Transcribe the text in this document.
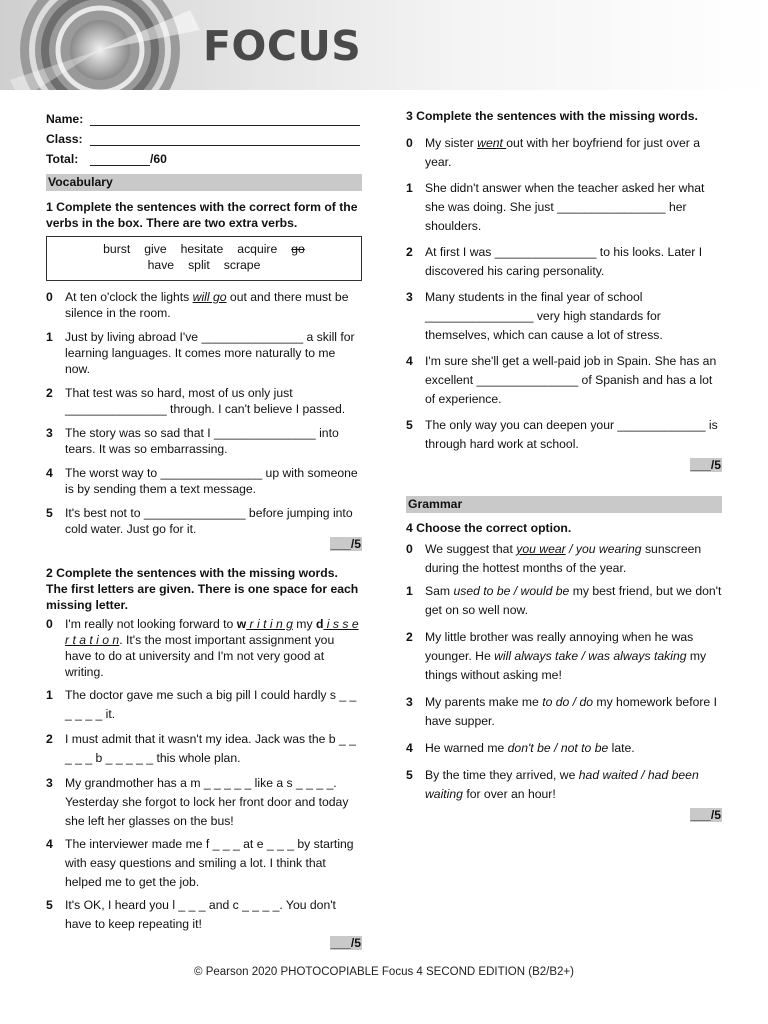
FOCUS
Name:
Class:
Total:	/60
Vocabulary
1 Complete the sentences with the correct form of the verbs in the box. There are two extra verbs.
burst give hesitate acquire go
have split scrape
0	At ten o'clock the lights will go out and there must be silence in the room.
1	Just by living abroad I've _______________ a skill for learning languages. It comes more naturally to me now.
2	That test was so hard, most of us only just _______________ through. I can't believe I passed.
3	The story was so sad that I _______________ into tears. It was so embarrassing.
4	The worst way to _______________ up with someone is by sending them a text message.
5	It's best not to _______________ before jumping into cold water. Just go for it.
___/5
2 Complete the sentences with the missing words. The first letters are given. There is one space for each missing letter.
0	I'm really not looking forward to w r i t i n g my d i s s e r t a t i o n. It's the most important assignment you have to do at university and I'm not very good at writing.
1	The doctor gave me such a big pill I could hardly s _ _ _ _ _ _ it.
2	I must admit that it wasn't my idea. Jack was the b _ _ _ _ _ b _ _ _ _ _ this whole plan.
3	My grandmother has a m _ _ _ _ _ like a s _ _ _ _. Yesterday she forgot to lock her front door and today she left her glasses on the bus!
4	The interviewer made me f _ _ _ at e _ _ _ by starting with easy questions and smiling a lot. I think that helped me to get the job.
5	It's OK, I heard you l _ _ _ and c _ _ _ _. You don't have to keep repeating it!
___/5
3 Complete the sentences with the missing words.
0	My sister went out with her boyfriend for just over a year.
1	She didn't answer when the teacher asked her what she was doing. She just ________________ her shoulders.
2	At first I was _______________ to his looks. Later I discovered his caring personality.
3	Many students in the final year of school ________________ very high standards for themselves, which can cause a lot of stress.
4	I'm sure she'll get a well-paid job in Spain. She has an excellent _______________ of Spanish and has a lot of experience.
5	The only way you can deepen your _____________ is through hard work at school.
___/5
Grammar
4 Choose the correct option.
0	We suggest that you wear / you wearing sunscreen during the hottest months of the year.
1	Sam used to be / would be my best friend, but we don't get on so well now.
2	My little brother was really annoying when he was younger. He will always take / was always taking my things without asking me!
3	My parents make me to do / do my homework before I have supper.
4	He warned me don't be / not to be late.
5	By the time they arrived, we had waited / had been waiting for over an hour!
___/5
© Pearson 2020 PHOTOCOPIABLE Focus 4 SECOND EDITION (B2/B2+)
